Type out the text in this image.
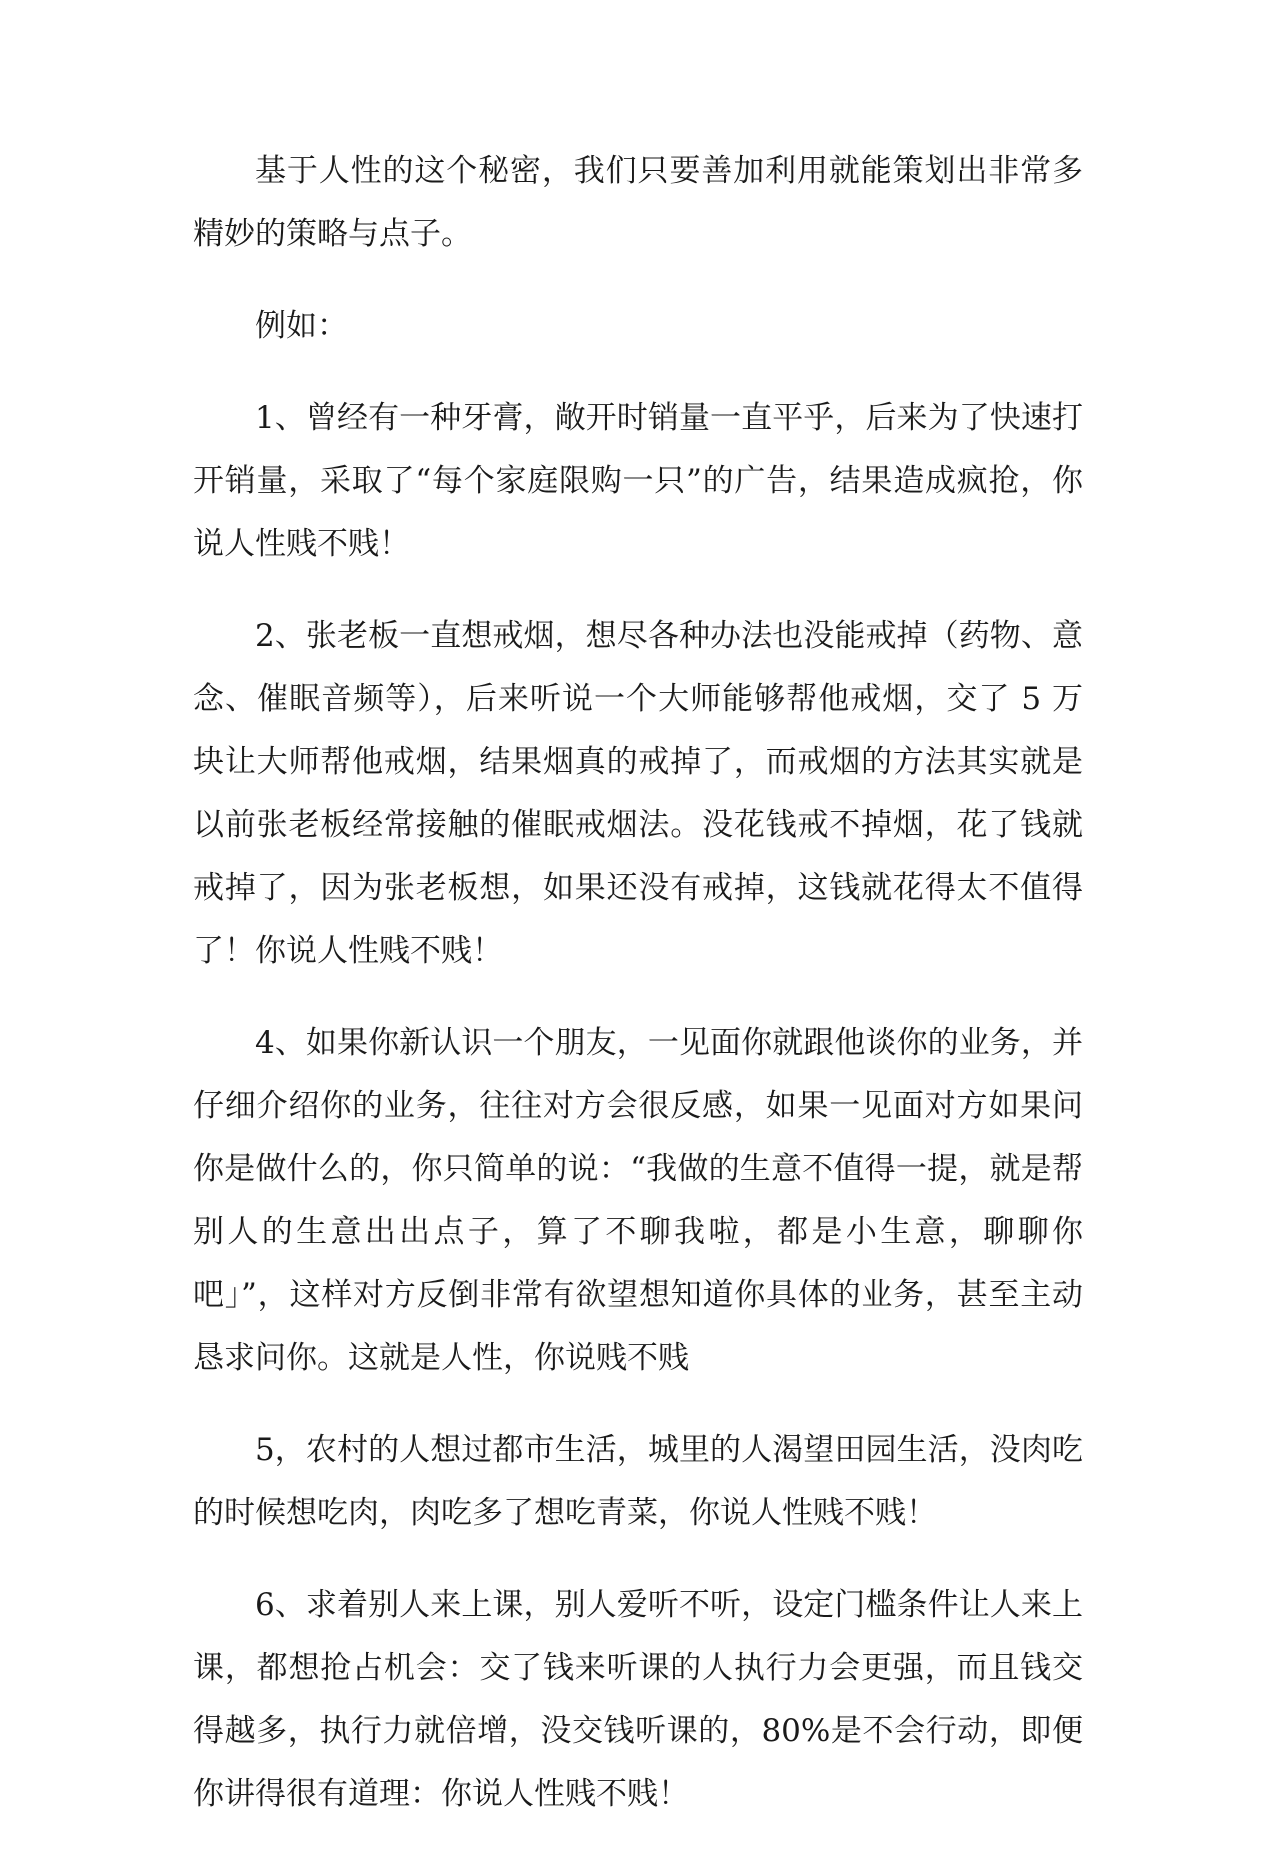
基于人性的这个秘密，我们只要善加利用就能策划出非常多精妙的策略与点子。

例如：

1、曾经有一种牙膏，敞开时销量一直平乎，后来为了快速打开销量，采取了“每个家庭限购一只”的广告，结果造成疯抢，你说人性贱不贱！

2、张老板一直想戒烟，想尽各种办法也没能戒掉（药物、意念、催眠音频等），后来听说一个大师能够帮他戒烟，交了 5 万块让大师帮他戒烟，结果烟真的戒掉了，而戒烟的方法其实就是以前张老板经常接触的催眠戒烟法。没花钱戒不掉烟，花了钱就戒掉了，因为张老板想，如果还没有戒掉，这钱就花得太不值得了！你说人性贱不贱！

4、如果你新认识一个朋友，一见面你就跟他谈你的业务，并仔细介绍你的业务，往往对方会很反感，如果一见面对方如果问你是做什么的，你只简单的说：“我做的生意不值得一提，就是帮别人的生意出出点子，算了不聊我啦，都是小生意，聊聊你吧」”，这样对方反倒非常有欲望想知道你具体的业务，甚至主动恳求问你。这就是人性，你说贱不贱

5，农村的人想过都市生活，城里的人渴望田园生活，没肉吃的时候想吃肉，肉吃多了想吃青菜，你说人性贱不贱！

6、求着别人来上课，别人爱听不听，设定门槛条件让人来上课，都想抢占机会：交了钱来听课的人执行力会更强，而且钱交得越多，执行力就倍增，没交钱听课的，80%是不会行动，即便你讲得很有道理：你说人性贱不贱！
